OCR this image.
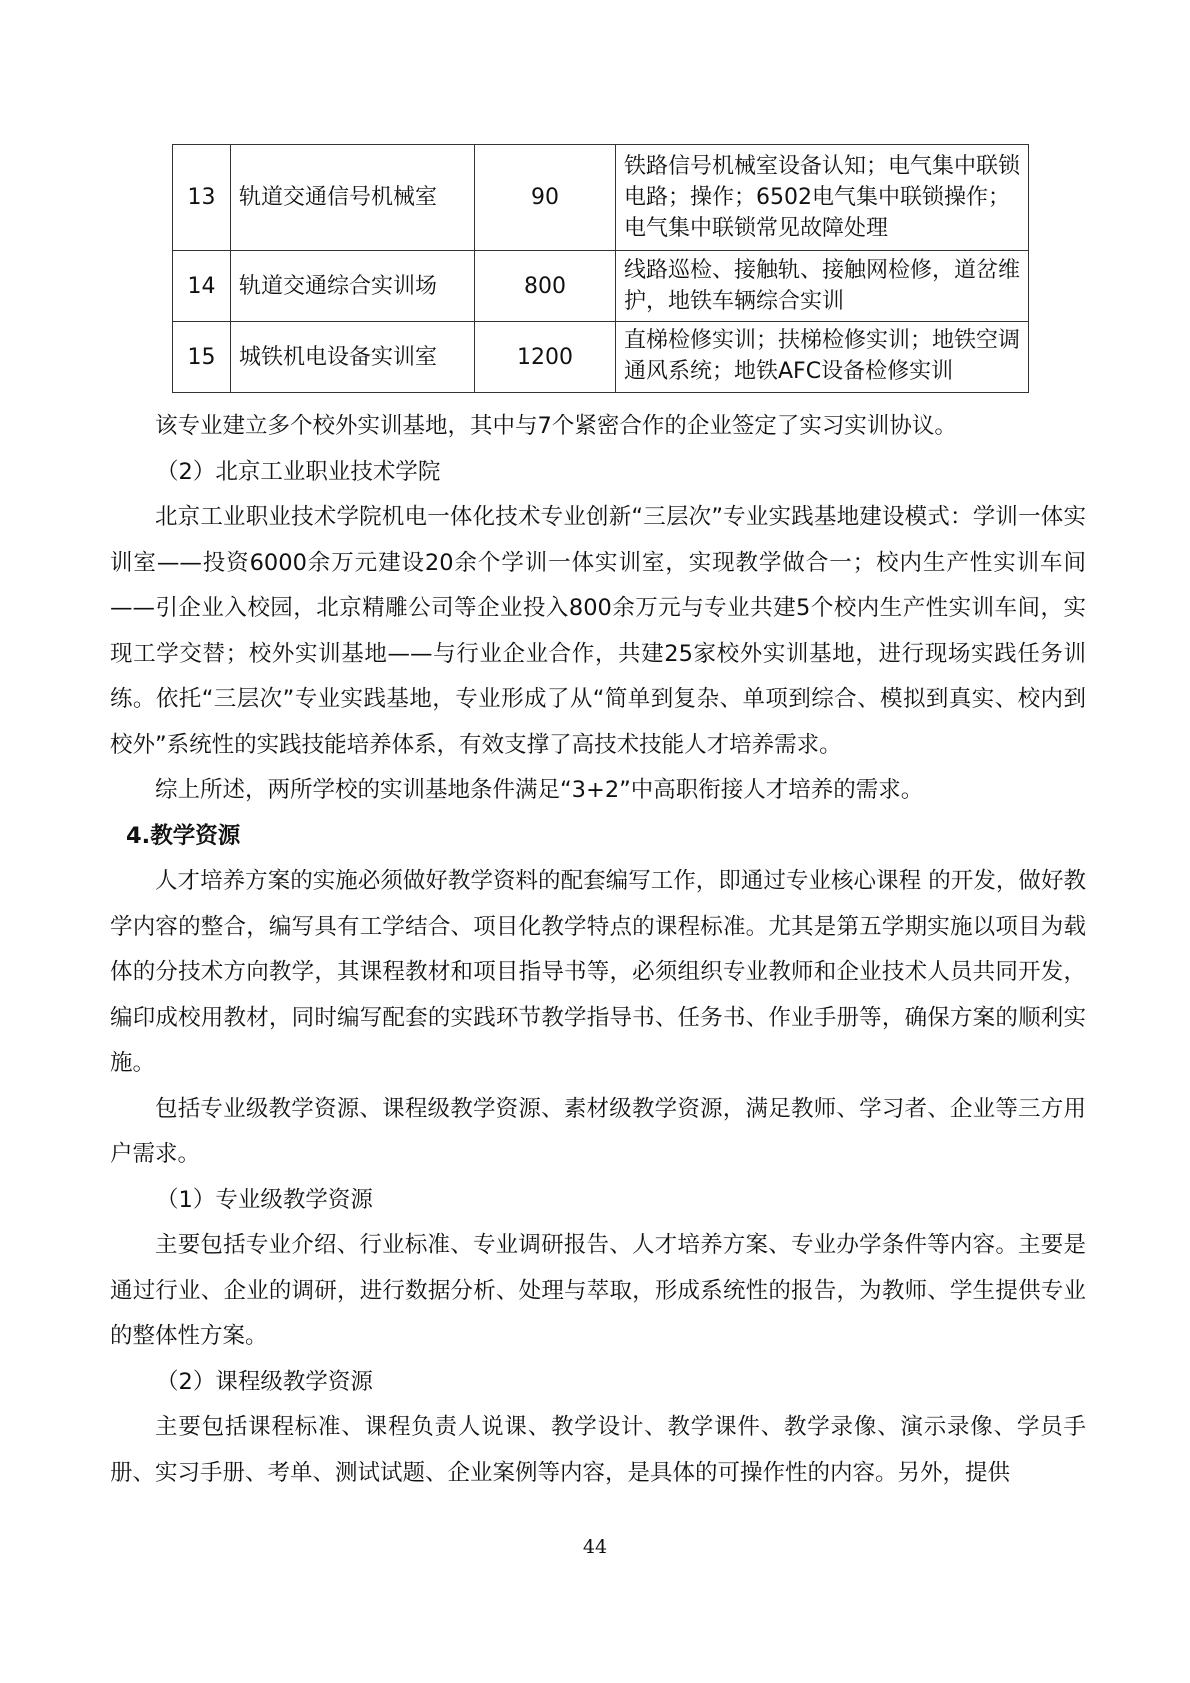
13	轨道交通信号机械室	90	铁路信号机械室设备认知；电气集中联锁电路；操作；6502电气集中联锁操作；电气集中联锁常见故障处理
14	轨道交通综合实训场	800	线路巡检、接触轨、接触网检修，道岔维护，地铁车辆综合实训
15	城铁机电设备实训室	1200	直梯检修实训；扶梯检修实训；地铁空调通风系统；地铁AFC设备检修实训

该专业建立多个校外实训基地，其中与7个紧密合作的企业签定了实习实训协议。

（2）北京工业职业技术学院

北京工业职业技术学院机电一体化技术专业创新“三层次”专业实践基地建设模式：学训一体实训室——投资6000余万元建设20余个学训一体实训室，实现教学做合一；校内生产性实训车间——引企业入校园，北京精雕公司等企业投入800余万元与专业共建5个校内生产性实训车间，实现工学交替；校外实训基地——与行业企业合作，共建25家校外实训基地，进行现场实践任务训练。依托“三层次”专业实践基地，专业形成了从“简单到复杂、单项到综合、模拟到真实、校内到校外”系统性的实践技能培养体系，有效支撑了高技术技能人才培养需求。

综上所述，两所学校的实训基地条件满足“3+2”中高职衔接人才培养的需求。

4.教学资源

人才培养方案的实施必须做好教学资料的配套编写工作，即通过专业核心课程 的开发，做好教学内容的整合，编写具有工学结合、项目化教学特点的课程标准。尤其是第五学期实施以项目为载体的分技术方向教学，其课程教材和项目指导书等，必须组织专业教师和企业技术人员共同开发，编印成校用教材，同时编写配套的实践环节教学指导书、任务书、作业手册等，确保方案的顺利实施。

包括专业级教学资源、课程级教学资源、素材级教学资源，满足教师、学习者、企业等三方用户需求。

（1）专业级教学资源

主要包括专业介绍、行业标准、专业调研报告、人才培养方案、专业办学条件等内容。主要是通过行业、企业的调研，进行数据分析、处理与萃取，形成系统性的报告，为教师、学生提供专业的整体性方案。

（2）课程级教学资源

主要包括课程标准、课程负责人说课、教学设计、教学课件、教学录像、演示录像、学员手册、实习手册、考单、测试试题、企业案例等内容，是具体的可操作性的内容。另外，提供

44
